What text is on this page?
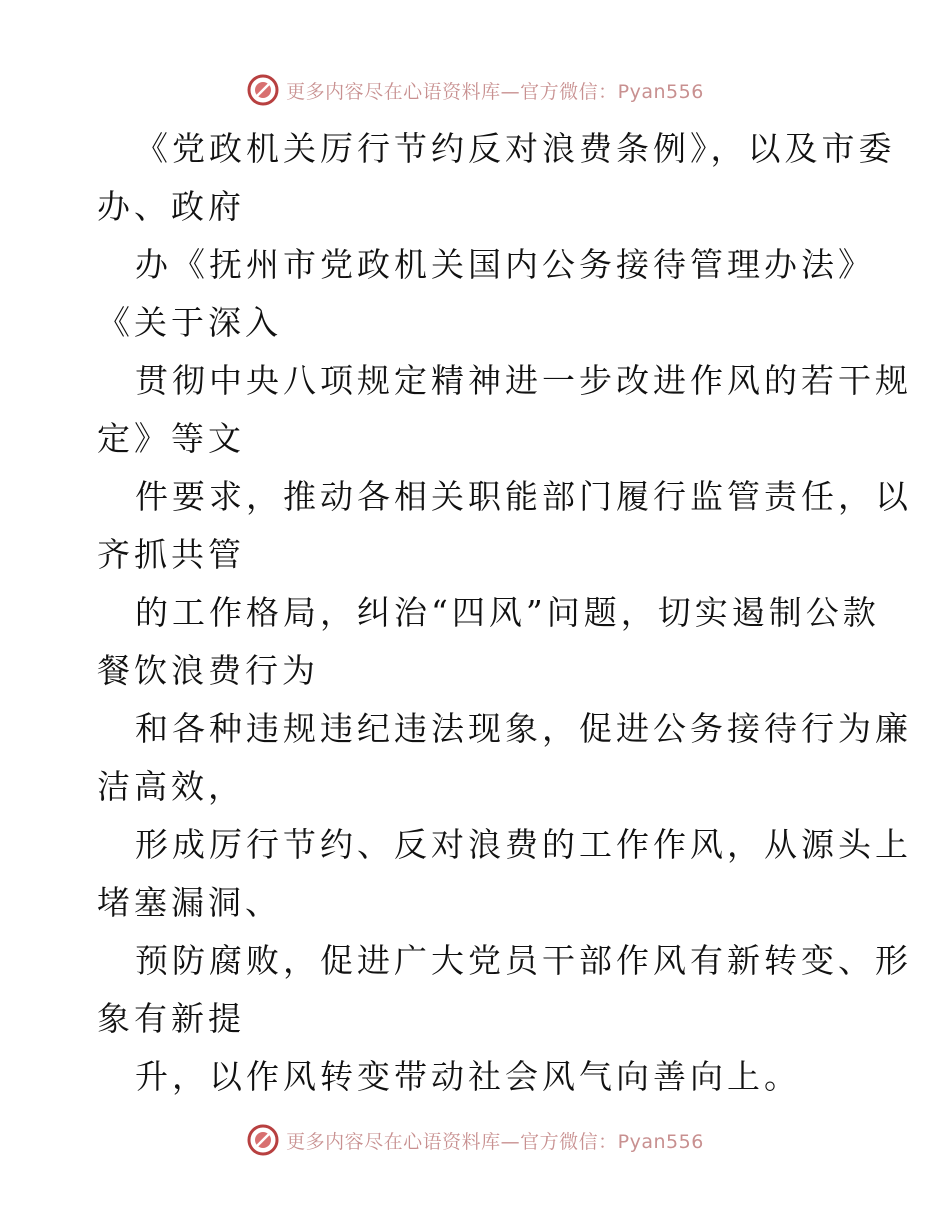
更多内容尽在心语资料库—官方微信：Pyan556
《党政机关厉行节约反对浪费条例》，以及市委
办、政府
办《抚州市党政机关国内公务接待管理办法》
《关于深入
贯彻中央八项规定精神进一步改进作风的若干规
定》等文
件要求，推动各相关职能部门履行监管责任，以
齐抓共管
的工作格局，纠治“四风”问题，切实遏制公款
餐饮浪费行为
和各种违规违纪违法现象，促进公务接待行为廉
洁高效，
形成厉行节约、反对浪费的工作作风，从源头上
堵塞漏洞、
预防腐败，促进广大党员干部作风有新转变、形
象有新提
升，以作风转变带动社会风气向善向上。
更多内容尽在心语资料库—官方微信：Pyan556
